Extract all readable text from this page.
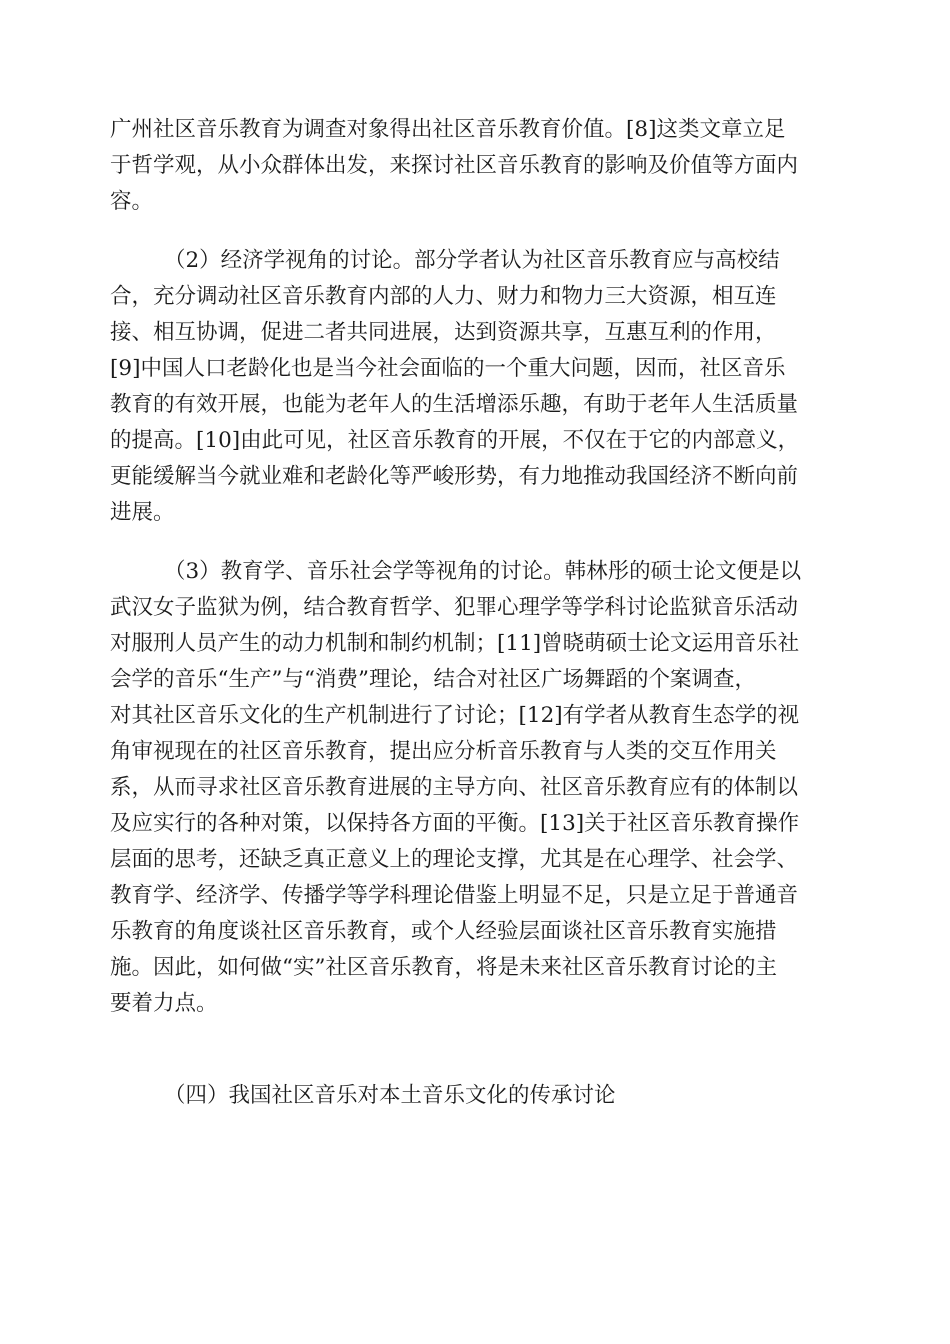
广州社区音乐教育为调查对象得出社区音乐教育价值。[8]这类文章立足
于哲学观，从小众群体出发，来探讨社区音乐教育的影响及价值等方面内
容。
（2）经济学视角的讨论。部分学者认为社区音乐教育应与高校结
合，充分调动社区音乐教育内部的人力、财力和物力三大资源，相互连
接、相互协调，促进二者共同进展，达到资源共享，互惠互利的作用，
[9]中国人口老龄化也是当今社会面临的一个重大问题，因而，社区音乐
教育的有效开展，也能为老年人的生活增添乐趣，有助于老年人生活质量
的提高。[10]由此可见，社区音乐教育的开展，不仅在于它的内部意义，
更能缓解当今就业难和老龄化等严峻形势，有力地推动我国经济不断向前
进展。
（3）教育学、音乐社会学等视角的讨论。韩林彤的硕士论文便是以
武汉女子监狱为例，结合教育哲学、犯罪心理学等学科讨论监狱音乐活动
对服刑人员产生的动力机制和制约机制；[11]曾晓萌硕士论文运用音乐社
会学的音乐“生产”与“消费”理论，结合对社区广场舞蹈的个案调查，
对其社区音乐文化的生产机制进行了讨论；[12]有学者从教育生态学的视
角审视现在的社区音乐教育，提出应分析音乐教育与人类的交互作用关
系，从而寻求社区音乐教育进展的主导方向、社区音乐教育应有的体制以
及应实行的各种对策，以保持各方面的平衡。[13]关于社区音乐教育操作
层面的思考，还缺乏真正意义上的理论支撑，尤其是在心理学、社会学、
教育学、经济学、传播学等学科理论借鉴上明显不足，只是立足于普通音
乐教育的角度谈社区音乐教育，或个人经验层面谈社区音乐教育实施措
施。因此，如何做“实”社区音乐教育，将是未来社区音乐教育讨论的主
要着力点。
（四）我国社区音乐对本土音乐文化的传承讨论
